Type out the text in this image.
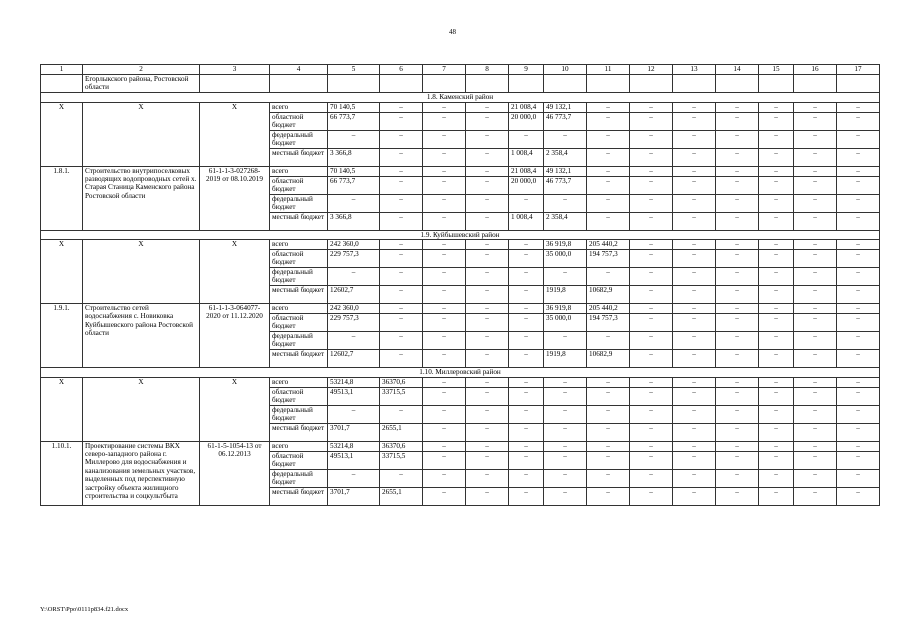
48
1	2	3	4	5	6	7	8	9	10	11	12	13	14	15	16	17
	Егорлыкского района, Ростовской области															
1.8. Каменский район																
X	X	X	всего	70 140,5	–	–	–	21 008,4	49 132,1	–	–	–	–	–	–	–
			областной бюджет	66 773,7	–	–	–	20 000,0	46 773,7	–	–	–	–	–	–	–
			федеральный бюджет	–	–	–	–	–	–	–	–	–	–	–	–	–
			местный бюджет	3 366,8	–	–	–	1 008,4	2 358,4	–	–	–	–	–	–	–
1.8.1.	Строительство внутрипоселковых разводящих водопроводных сетей х. Старая Станица Каменского района Ростовской области	61-1-1-3-027268-2019 от 08.10.2019	всего	70 140,5	–	–	–	21 008,4	49 132,1	–	–	–	–	–	–	–
			областной бюджет	66 773,7	–	–	–	20 000,0	46 773,7	–	–	–	–	–	–	–
			федеральный бюджет	–	–	–	–	–	–	–	–	–	–	–	–	–
			местный бюджет	3 366,8	–	–	–	1 008,4	2 358,4	–	–	–	–	–	–	–
1.9. Куйбышевский район																
X	X	X	всего	242 360,0	–	–	–	–	36 919,8	205 440,2	–	–	–	–	–	–
			областной бюджет	229 757,3	–	–	–	–	35 000,0	194 757,3	–	–	–	–	–	–
			федеральный бюджет	–	–	–	–	–	–	–	–	–	–	–	–	–
			местный бюджет	12602,7	–	–	–	–	1919,8	10682,9	–	–	–	–	–	–
1.9.1.	Строительство сетей водоснабжения с. Новиковка Куйбышевского района Ростовской области	61-1-1-3-064077-2020 от 11.12.2020	всего	242 360,0	–	–	–	–	36 919,8	205 440,2	–	–	–	–	–	–
			областной бюджет	229 757,3	–	–	–	–	35 000,0	194 757,3	–	–	–	–	–	–
			федеральный бюджет	–	–	–	–	–	–	–	–	–	–	–	–	–
			местный бюджет	12602,7	–	–	–	–	1919,8	10682,9	–	–	–	–	–	–
1.10. Миллеровский район																
X	X	X	всего	53214,8	36370,6	–	–	–	–	–	–	–	–	–	–	–
			областной бюджет	49513,1	33715,5	–	–	–	–	–	–	–	–	–	–	–
			федеральный бюджет	–	–	–	–	–	–	–	–	–	–	–	–	–
			местный бюджет	3701,7	2655,1	–	–	–	–	–	–	–	–	–	–	–
1.10.1.	Проектирование системы ВКХ северо-западного района г. Миллерово для водоснабжения и канализования земельных участков, выделенных под перспективную застройку объекта жилищного строительства и соцкультбыта	61-1-5-1054-13 от 06.12.2013	всего	53214,8	36370,6	–	–	–	–	–	–	–	–	–	–	–
			областной бюджет	49513,1	33715,5	–	–	–	–	–	–	–	–	–	–	–
			федеральный бюджет	–	–	–	–	–	–	–	–	–	–	–	–	–
			местный бюджет	3701,7	2655,1	–	–	–	–	–	–	–	–	–	–	–
Y:\ORST\Ppo\0111p834.f21.docx
